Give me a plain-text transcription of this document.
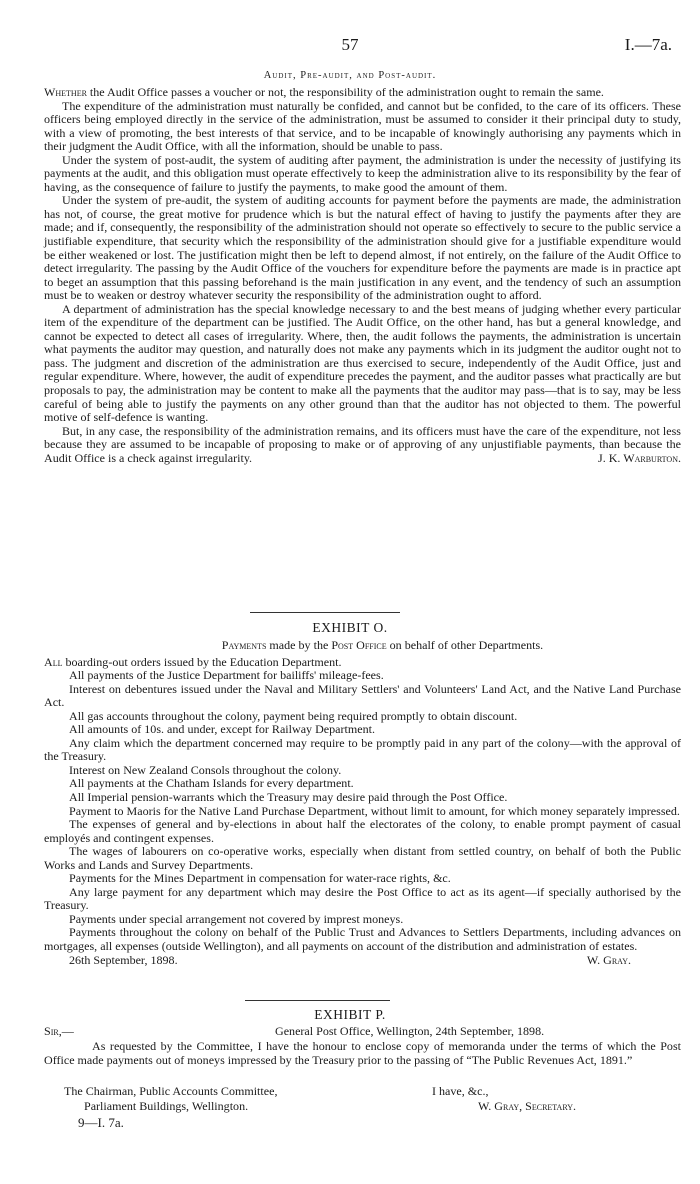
57	I.—7a.
Audit, Pre-audit, and Post-audit.

Whether the Audit Office passes a voucher or not, the responsibility of the administration ought to remain the same.

The expenditure of the administration must naturally be confided, and cannot but be confided, to the care of its officers. These officers being employed directly in the service of the administration, must be assumed to consider it their principal duty to study, with a view of promoting, the best interests of that service, and to be incapable of knowingly authorising any payments which in their judgment the Audit Office, with all the information, should be unable to pass.

Under the system of post-audit, the system of auditing after payment, the administration is under the necessity of justifying its payments at the audit, and this obligation must operate effectively to keep the administration alive to its responsibility by the fear of having, as the consequence of failure to justify the payments, to make good the amount of them.

Under the system of pre-audit, the system of auditing accounts for payment before the payments are made, the administration has not, of course, the great motive for prudence which is but the natural effect of having to justify the payments after they are made; and if, consequently, the responsibility of the administration should not operate so effectively to secure to the public service a justifiable expenditure, that security which the responsibility of the administration should give for a justifiable expenditure would be either weakened or lost. The justification might then be left to depend almost, if not entirely, on the failure of the Audit Office to detect irregularity. The passing by the Audit Office of the vouchers for expenditure before the payments are made is in practice apt to beget an assumption that this passing beforehand is the main justification in any event, and the tendency of such an assumption must be to weaken or destroy whatever security the responsibility of the administration ought to afford.

A department of administration has the special knowledge necessary to and the best means of judging whether every particular item of the expenditure of the department can be justified. The Audit Office, on the other hand, has but a general knowledge, and cannot be expected to detect all cases of irregularity. Where, then, the audit follows the payments, the administration is uncertain what payments the auditor may question, and naturally does not make any payments which in its judgment the auditor ought not to pass. The judgment and discretion of the administration are thus exercised to secure, independently of the Audit Office, just and regular expenditure. Where, however, the audit of expenditure precedes the payment, and the auditor passes what practically are but proposals to pay, the administration may be content to make all the payments that the auditor may pass—that is to say, may be less careful of being able to justify the payments on any other ground than that the auditor has not objected to them. The powerful motive of self-defence is wanting.

But, in any case, the responsibility of the administration remains, and its officers must have the care of the expenditure, not less because they are assumed to be incapable of proposing to make or of approving of any unjustifiable payments, than because the Audit Office is a check against irregularity.	J. K. Warburton.

EXHIBIT O.

Payments made by the Post Office on behalf of other Departments.

All boarding-out orders issued by the Education Department.

All payments of the Justice Department for bailiffs' mileage-fees.

Interest on debentures issued under the Naval and Military Settlers' and Volunteers' Land Act, and the Native Land Purchase Act.

All gas accounts throughout the colony, payment being required promptly to obtain discount.

All amounts of 10s. and under, except for Railway Department.

Any claim which the department concerned may require to be promptly paid in any part of the colony—with the approval of the Treasury.

Interest on New Zealand Consols throughout the colony.

All payments at the Chatham Islands for every department.

All Imperial pension-warrants which the Treasury may desire paid through the Post Office.

Payment to Maoris for the Native Land Purchase Department, without limit to amount, for which money separately impressed.

The expenses of general and by-elections in about half the electorates of the colony, to enable prompt payment of casual employés and contingent expenses.

The wages of labourers on co-operative works, especially when distant from settled country, on behalf of both the Public Works and Lands and Survey Departments.

Payments for the Mines Department in compensation for water-race rights, &c.

Any large payment for any department which may desire the Post Office to act as its agent—if specially authorised by the Treasury.

Payments under special arrangement not covered by imprest moneys.

Payments throughout the colony on behalf of the Public Trust and Advances to Settlers Departments, including advances on mortgages, all expenses (outside Wellington), and all payments on account of the distribution and administration of estates.

26th September, 1898.	W. Gray.

EXHIBIT P.
Sir,—	General Post Office, Wellington, 24th September, 1898.

As requested by the Committee, I have the honour to enclose copy of memoranda under the terms of which the Post Office made payments out of moneys impressed by the Treasury prior to the passing of “The Public Revenues Act, 1891.”

The Chairman, Public Accounts Committee,	I have, &c.,
Parliament Buildings, Wellington.	W. Gray, Secretary.
9—I. 7a.
